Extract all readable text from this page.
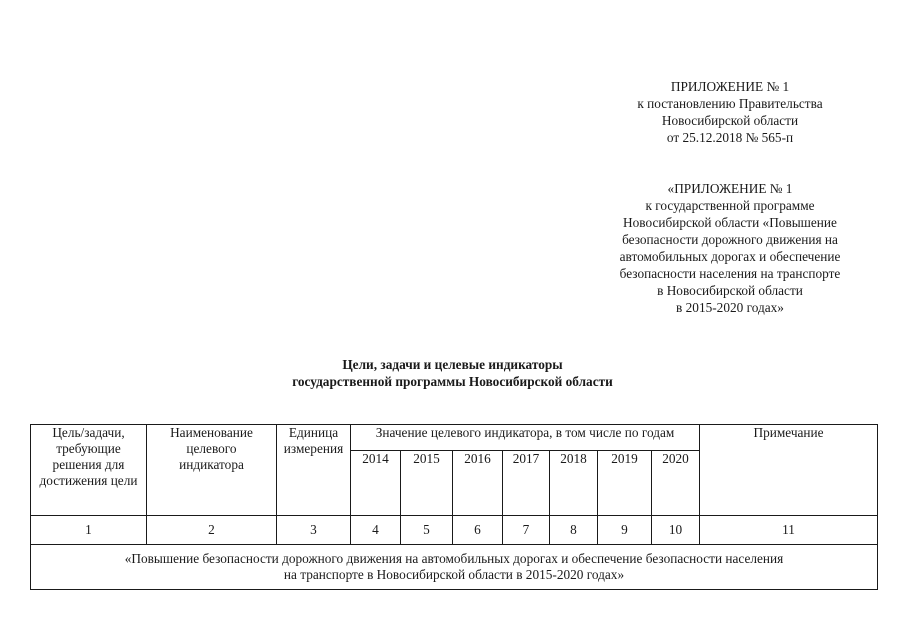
ПРИЛОЖЕНИЕ № 1
к постановлению Правительства
Новосибирской области
от 25.12.2018 № 565-п
«ПРИЛОЖЕНИЕ № 1
к государственной программе
Новосибирской области «Повышение
безопасности дорожного движения на
автомобильных дорогах и обеспечение
безопасности населения на транспорте
в Новосибирской области
в 2015-2020 годах»
Цели, задачи и целевые индикаторы
государственной программы Новосибирской области
Цель/задачи, требующие решения для достижения цели	Наименование целевого индикатора	Единица измерения	Значение целевого индикатора, в том числе по годам							Примечание
			2014	2015	2016	2017	2018	2019	2020	
1	2	3	4	5	6	7	8	9	10	11

«Повышение безопасности дорожного движения на автомобильных дорогах и обеспечение безопасности населения
на транспорте в Новосибирской области в 2015-2020 годах»										
